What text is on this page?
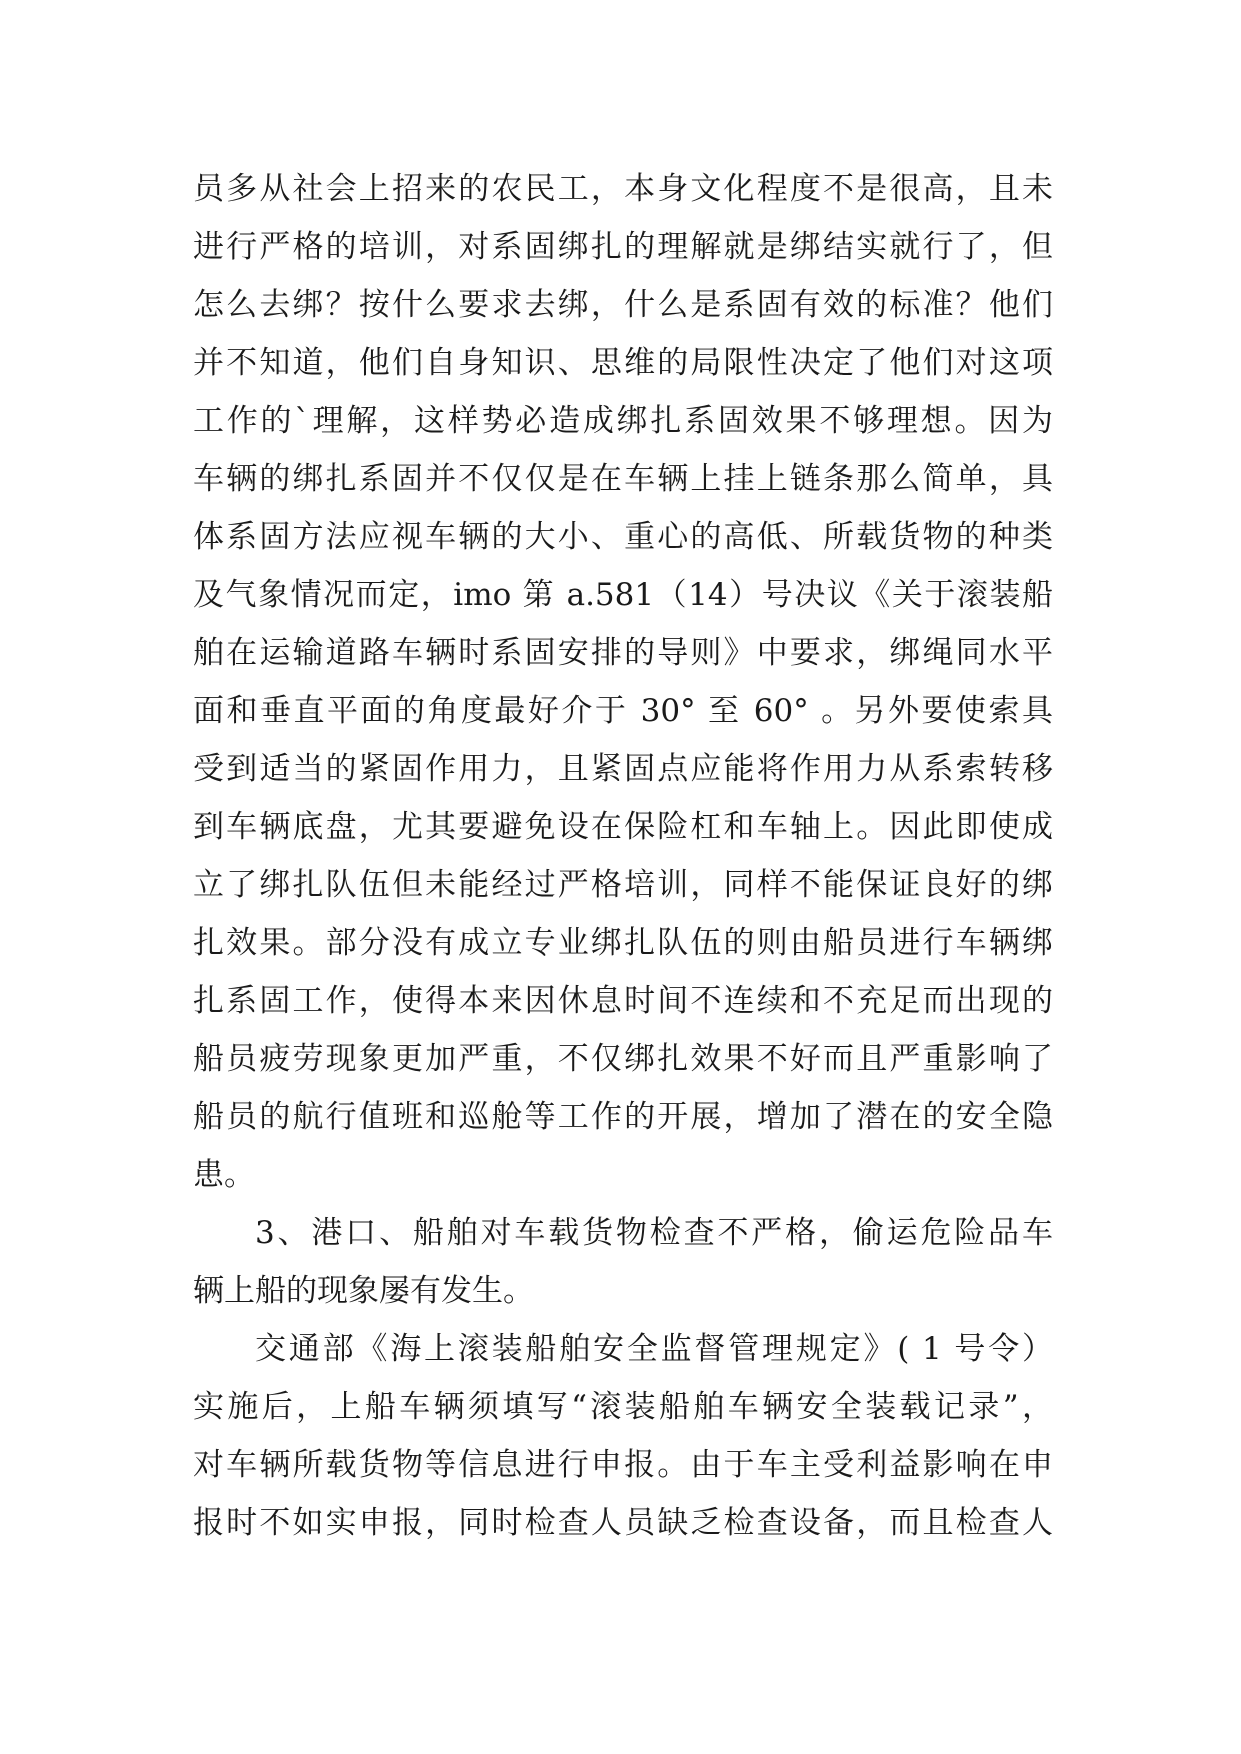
员多从社会上招来的农民工，本身文化程度不是很高，且未
进行严格的培训，对系固绑扎的理解就是绑结实就行了，但
怎么去绑？按什么要求去绑，什么是系固有效的标准？他们
并不知道，他们自身知识、思维的局限性决定了他们对这项
工作的`理解，这样势必造成绑扎系固效果不够理想。因为
车辆的绑扎系固并不仅仅是在车辆上挂上链条那么简单，具
体系固方法应视车辆的大小、重心的高低、所载货物的种类
及气象情况而定，imo 第 a.581（14）号决议《关于滚装船
舶在运输道路车辆时系固安排的导则》中要求，绑绳同水平
面和垂直平面的角度最好介于 30° 至 60° 。另外要使索具
受到适当的紧固作用力，且紧固点应能将作用力从系索转移
到车辆底盘，尤其要避免设在保险杠和车轴上。因此即使成
立了绑扎队伍但未能经过严格培训，同样不能保证良好的绑
扎效果。部分没有成立专业绑扎队伍的则由船员进行车辆绑
扎系固工作，使得本来因休息时间不连续和不充足而出现的
船员疲劳现象更加严重，不仅绑扎效果不好而且严重影响了
船员的航行值班和巡舱等工作的开展，增加了潜在的安全隐
患。
3、港口、船舶对车载货物检查不严格，偷运危险品车
辆上船的现象屡有发生。
交通部《海上滚装船舶安全监督管理规定》( 1 号令）
实施后，上船车辆须填写“滚装船舶车辆安全装载记录”，
对车辆所载货物等信息进行申报。由于车主受利益影响在申
报时不如实申报，同时检查人员缺乏检查设备，而且检查人
